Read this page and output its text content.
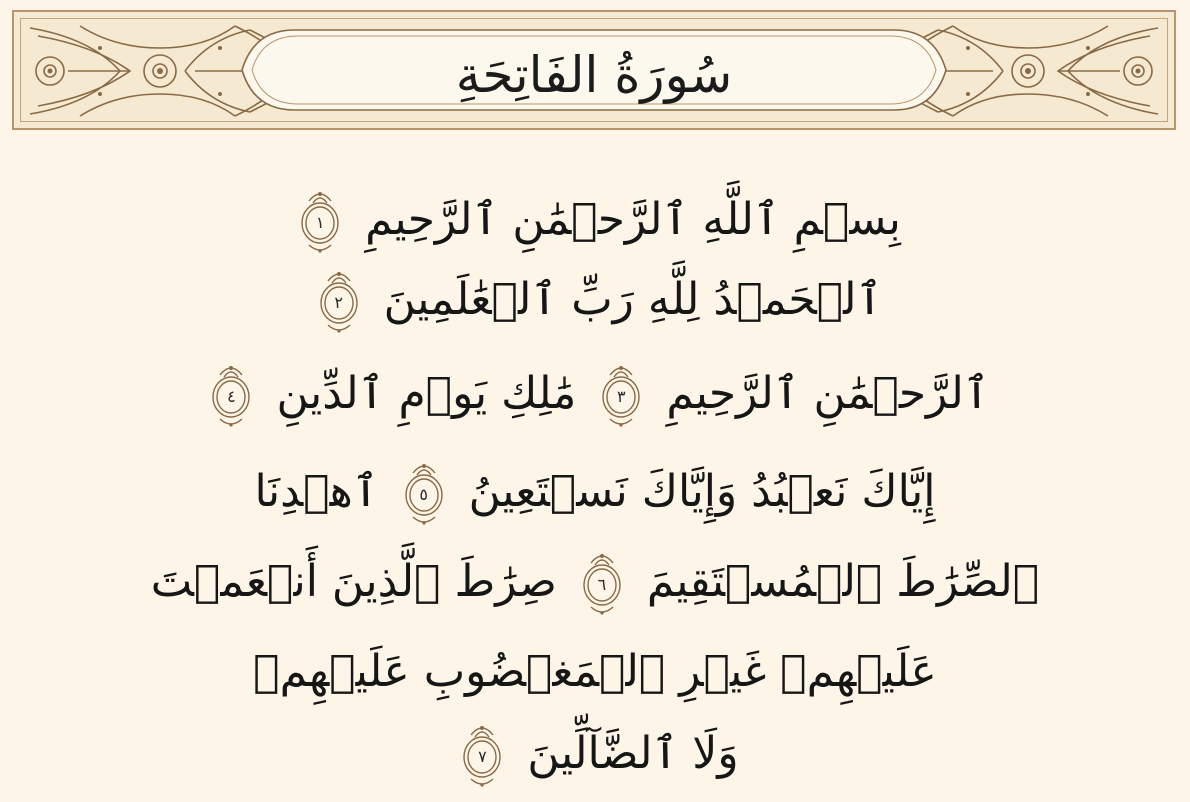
سُورَةُ الفَاتِحَةِ
بِسۡمِ ٱللَّهِ ٱلرَّحۡمَٰنِ ٱلرَّحِيمِ
١
ٱلۡحَمۡدُ لِلَّهِ رَبِّ ٱلۡعَٰلَمِينَ
٢
ٱلرَّحۡمَٰنِ ٱلرَّحِيمِ
٣
مَٰلِكِ يَوۡمِ ٱلدِّينِ
٤
إِيَّاكَ نَعۡبُدُ وَإِيَّاكَ نَسۡتَعِينُ
٥
ٱهۡدِنَا
ٱلصِّرَٰطَ ٱلۡمُسۡتَقِيمَ
٦
صِرَٰطَ ٱلَّذِينَ أَنۡعَمۡتَ
عَلَيۡهِمۡ غَيۡرِ ٱلۡمَغۡضُوبِ عَلَيۡهِمۡ
وَلَا ٱلضَّآلِّينَ
٧
